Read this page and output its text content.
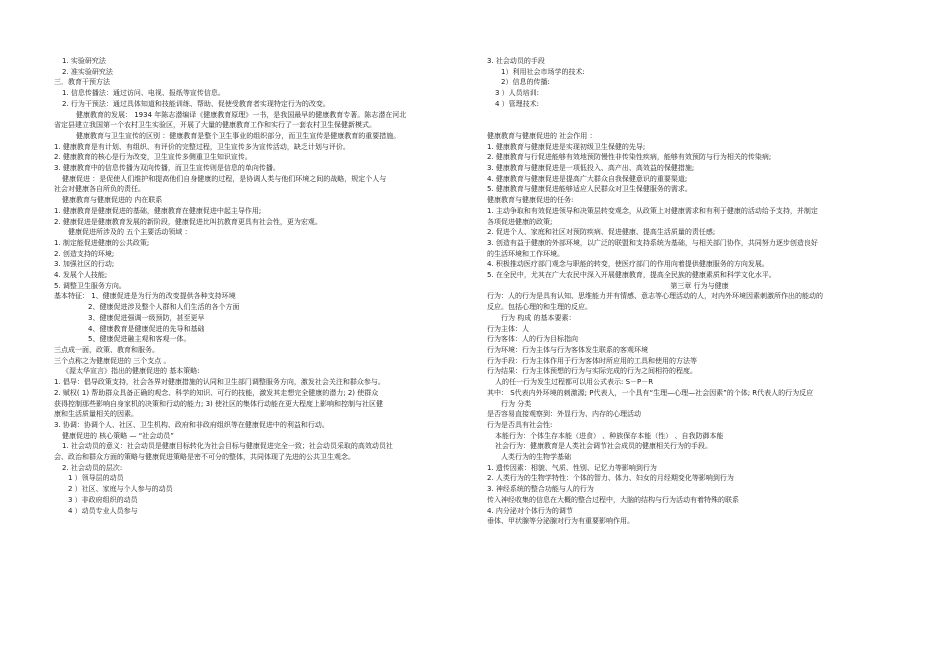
1. 实验研究法

2. 准实验研究法

三．教育干预方法

1. 信息传播法：通过访问、电视、报纸等宣传信息。

2. 行为干预法：通过具体知道和技能训练、帮助、促使受教育者实现特定行为的改变。

健康教育的发展： 1934 年陈志潜编译《健康教育原理》一书，是我国最早的健康教育专著。陈志潜在河北

省定县建立我国第一个农村卫生实验区，开展了大量的健康教育工作和实行了一套农村卫生保健新模式。

健康教育与卫生宣传的区别 ：健康教育是整个卫生事业的组织部分，而卫生宣传是健康教育的重要措施。

1. 健康教育是有计划、有组织、有评价的完整过程，卫生宣传多为宣传活动，缺乏计划与评价。

2. 健康教育的核心是行为改变，卫生宣传多侧重卫生知识宣传。

3. 健康教育中的信息传播为双向传播，而卫生宣传则是信息的单向传播。

健康促进 ：是促使人们维护和提高他们自身健康的过程，是协调人类与他们环境之间的战略，规定个人与

社会对健康各自所负的责任。

健康教育与健康促进的 内在联系

1. 健康教育是健康促进的基础，健康教育在健康促进中起主导作用;

2. 健康促进是健康教育发展的新阶段，健康促进比叫抗教育更具有社会性，更为宏观。

健康促进所涉及的 五个主要活动领域 ：

1. 制定能促进健康的公共政策;

2. 创造支持的环境;

3. 加强社区的行动;

4. 发展个人技能;

5. 调整卫生服务方向。

基本特征： 1、健康促进是为行为的改变提供各种支持环境

2、健康促进涉及整个人群和人们生活的各个方面

3、健康促进强调一级预防，甚至更早

4、健康教育是健康促进的先导和基础

5、健康促进融主观和客观一体。

三点成一面，政策、教育和服务。

三个点称之为健康促进的 三个支点 。

《渥太华宣言》指出的健康促进的 基本策略:

1. 倡导：倡导政策支持，社会各界对健康措施的认同和卫生部门调整服务方向，激发社会关注和群众参与。

2. 赋权( 1) 帮助群众具备正确的观念、科学的知识、可行的技能，激发其走想完全健康的潜力; 2) 使群众

获得控制那些影响自身家机的决策和行动的能力; 3) 使社区的集体行动能在更大程度上影响和控制与社区健

康和生活质量相关的因素。

3. 协调：协调个人、社区、卫生机构、政府和非政府组织等在健康促进中的利益和行动。

健康促进的 核心策略 — “社会动员”

1. 社会动员的意义：社会动员是健康目标转化为社会目标与健康促进完全一致；社会动员采取的高效动员社

会、政治和群众方面的策略与健康促进策略是密不可分的整体，共同体现了先进的公共卫生观念。

2. 社会动员的层次:

1 ）领导层的动员

2 ）社区、家庭与个人参与的动员

3 ）非政府组织的动员

4 ）动员专业人员参与

3. 社会动员的手段

1）利用社会市场学的技术:

2）信息的传播:

3 ）人员培训:

4 ）管理技术:

健康教育与健康促进的 社会作用 ：

1. 健康教育与健康促进是实现初级卫生保健的先导;

2. 健康教育与行促进能够有效地预防慢性非传染性疾病，能够有效预防与行为相关的传染病;

3. 健康教育与健康促进是一项低投入、高产出、高效益的保健措施;

4. 健康教育与健康促进是提高广大群众自我保健意识的重要渠道;

5. 健康教育与健康促进能够适应人民群众对卫生保健服务的需求。

健康教育与健康促进的任务:

1. 主动争取和有效促进领导和决策层转变观念，从政策上对健康需求和有利于健康的活动给予支持，并制定

各项促进健康的政策;

2. 促进个人、家庭和社区对预防疾病、促进健康、提高生活质量的责任感;

3. 创造有益于健康的外部环境，以广泛的联盟和支持系统为基础，与相关部门协作，共同努力逐步创造良好

的生活环境和工作环境。

4. 积极推动医疗部门观念与职能的转变，使医疗部门的作用向着提供健康服务的方向发展。

5. 在全民中，尤其在广大农民中深入开展健康教育，提高全民族的健康素质和科学文化水平。

第三章 行为与健康

行为：人的行为是具有认知、思维能力并有情感、意志等心理活动的人，对内外环境因素刺激所作出的能动的

反应。包括心理的和生理的反应。

行为 构成 的基本要素：

行为主体：人

行为客体：人的行为目标指向

行为环境：行为主体与行为客体发生联系的客观环境

行为手段：行为主体作用于行为客体时所应用的工具和使用的方法等

行为结果：行为主体预想的行为与实际完成的行为之间相符的程度。

人的任一行为发生过程都可以用公式表示: S－P－R

其中： S代表内外环境的刺激源; P代表人，一个具有“生理—心理—社会因素”的个体; R代表人的行为反应

行为 分类

是否容易直接观察到：外显行为、内存的心理活动

行为是否具有社会性:

本能行为：个体生存本能（进食） 、种族保存本能（性） 、自我防御本能

社会行为：健康教育是人类社会调节社会成员的健康相关行为的手段。

人类行为的生物学基础

1. 遗传因素：相貌、气质、性别、记忆力等影响到行为

2. 人类行为的生物学特性：个体的智力、体力、妇女的月经期变化等影响到行为

3. 神经系统的整合功能与人的行为

传入神经收集的信息在大概的整合过程中，大脑的结构与行为活动有着特殊的联系

4. 内分泌对个体行为的调节

垂体、甲状腺等分泌腺对行为有重要影响作用。
